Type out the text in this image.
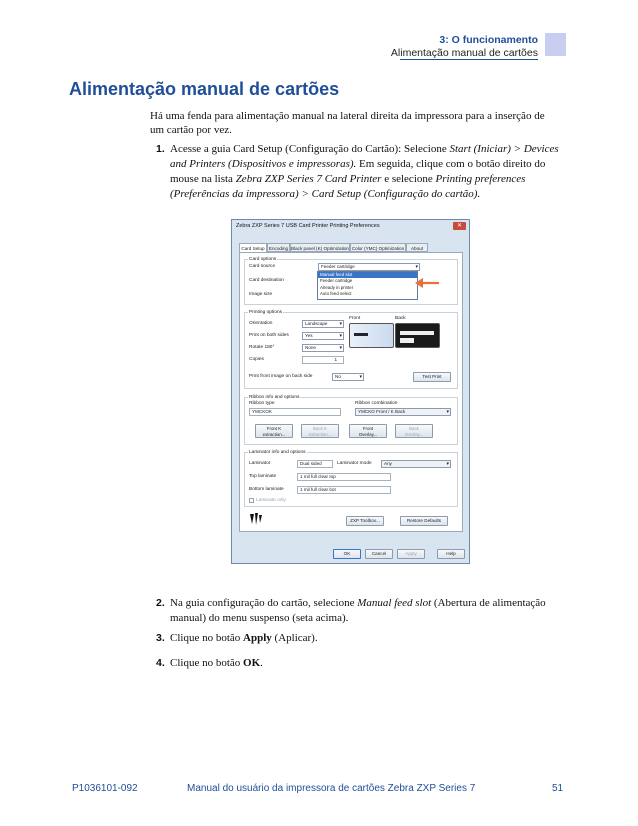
3: O funcionamento
Alimentação manual de cartões
Alimentação manual de cartões

Há uma fenda para alimentação manual na lateral direita da impressora para a inserção de um cartão por vez.

1. Acesse a guia Card Setup (Configuração do Cartão): Selecione Start (Iniciar) > Devices and Printers (Dispositivos e impressoras). Em seguida, clique com o botão direito do mouse na lista Zebra ZXP Series 7 Card Printer e selecione Printing preferences (Preferências da impressora) > Card Setup (Configuração do cartão).
Zebra ZXP Series 7 USB Card Printer Printing Preferences	✕
Card Setup Encoding Black panel (K) Optimization Color (YMC) Optimization	About
Card options
Card source	Feeder cartridge ▾
Card destination
Image size
Manual feed slot
Feeder cartridge
Already in printer
Auto feed select
Printing options
Orientation	Landscape ▾
Print on both sides	Yes ▾
Rotate 180°	None ▾
Copies	1
Front	Back
Print front image on back side	No ▾	Test Print
Ribbon info and options
Ribbon type
YMCKOK
Ribbon combination
YMCKO Front / K Back ▾
Front K
extraction...
Back K
extraction...
Front
Overlay...
Back
Overlay...
Laminator info and options
Laminator	Dual sided	Laminator mode	Any ▾
Top laminate	1 mil full clear top
Bottom laminate	1 mil full clear bot
Laminate only
ZXP Toolbox...	Restore Defaults
OK	Cancel	Apply	Help
2. Na guia configuração do cartão, selecione Manual feed slot (Abertura de alimentação manual) do menu suspenso (seta acima).
3. Clique no botão Apply (Aplicar).
4. Clique no botão OK.
P1036101-092	Manual do usuário da impressora de cartões Zebra ZXP Series 7	51
